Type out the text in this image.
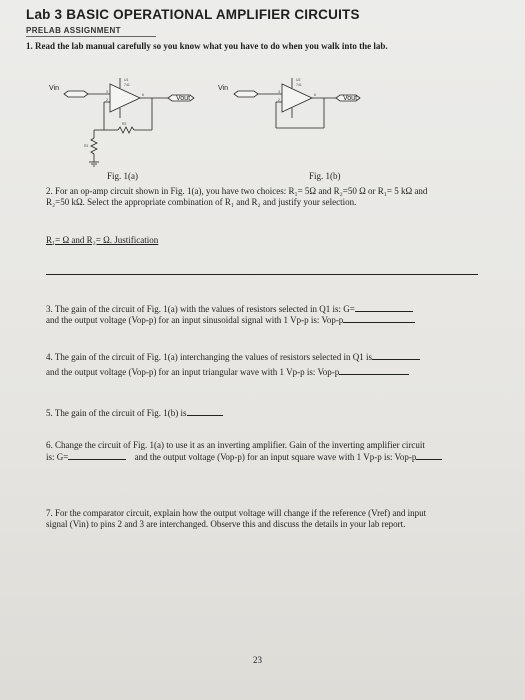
Lab 3 BASIC OPERATIONAL AMPLIFIER CIRCUITS
PRELAB ASSIGNMENT
1. Read the lab manual carefully so you know what you have to do when you walk into the lab.
Vin
Vout
U1
741
3
2
6
R2
R1
Vin
Vout
U2
741
3
2
6
Fig. 1(a)	Fig. 1(b)
2. For an op-amp circuit shown in Fig. 1(a), you have two choices: R₁= 5Ω and R₂=50 Ω or R₁= 5 kΩ and
R₂=50 kΩ. Select the appropriate combination of R₁ and R₂ and justify your selection.
R₁= Ω and R₂= Ω. Justification
3. The gain of the circuit of Fig. 1(a) with the values of resistors selected in Q1 is: G=
and the output voltage (Vop-p) for an input sinusoidal signal with 1 Vp-p is: Vop-p
4. The gain of the circuit of Fig. 1(a) interchanging the values of resistors selected in Q1 is
and the output voltage (Vop-p) for an input triangular wave with 1 Vp-p is: Vop-p
5. The gain of the circuit of Fig. 1(b) is
6. Change the circuit of Fig. 1(a) to use it as an inverting amplifier. Gain of the inverting amplifier circuit
is: G=	and the output voltage (Vop-p) for an input square wave with 1 Vp-p is: Vop-p
7. For the comparator circuit, explain how the output voltage will change if the reference (Vref) and input
signal (Vin) to pins 2 and 3 are interchanged. Observe this and discuss the details in your lab report.
23
